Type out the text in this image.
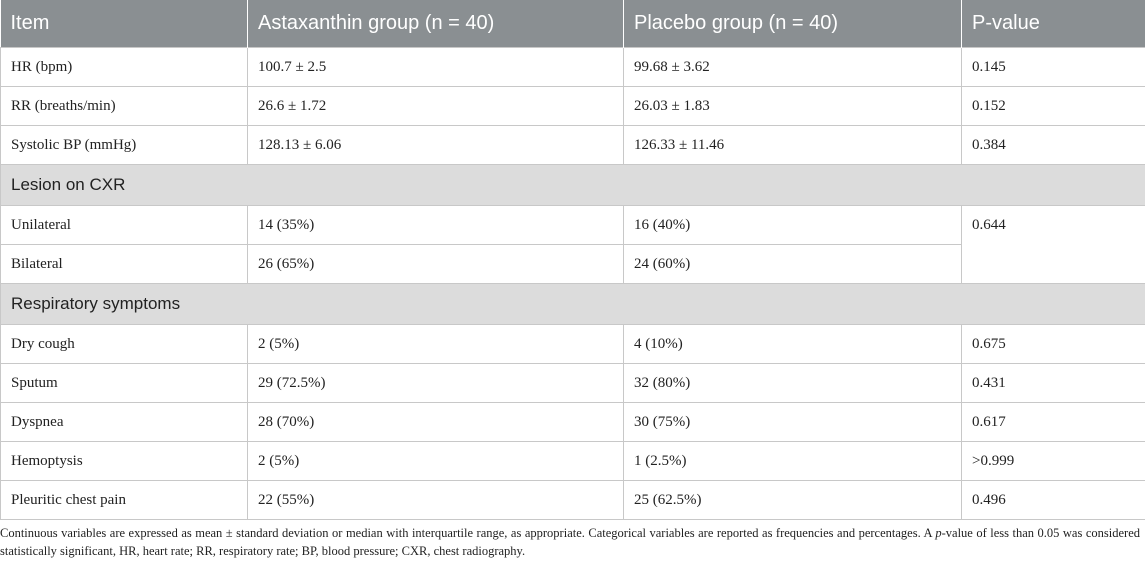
Item	Astaxanthin group (n = 40)	Placebo group (n = 40)	P-value
HR (bpm)	100.7 ± 2.5	99.68 ± 3.62	0.145
RR (breaths/min)	26.6 ± 1.72	26.03 ± 1.83	0.152
Systolic BP (mmHg)	128.13 ± 6.06	126.33 ± 11.46	0.384
Lesion on CXR			
Unilateral	14 (35%)	16 (40%)	0.644
Bilateral	26 (65%)	24 (60%)	
Respiratory symptoms			
Dry cough	2 (5%)	4 (10%)	0.675
Sputum	29 (72.5%)	32 (80%)	0.431
Dyspnea	28 (70%)	30 (75%)	0.617
Hemoptysis	2 (5%)	1 (2.5%)	>0.999
Pleuritic chest pain	22 (55%)	25 (62.5%)	0.496

Continuous variables are expressed as mean ± standard deviation or median with interquartile range, as appropriate. Categorical variables are reported as frequencies and percentages. A p-value of less than 0.05 was considered statistically significant, HR, heart rate; RR, respiratory rate; BP, blood pressure; CXR, chest radiography.
